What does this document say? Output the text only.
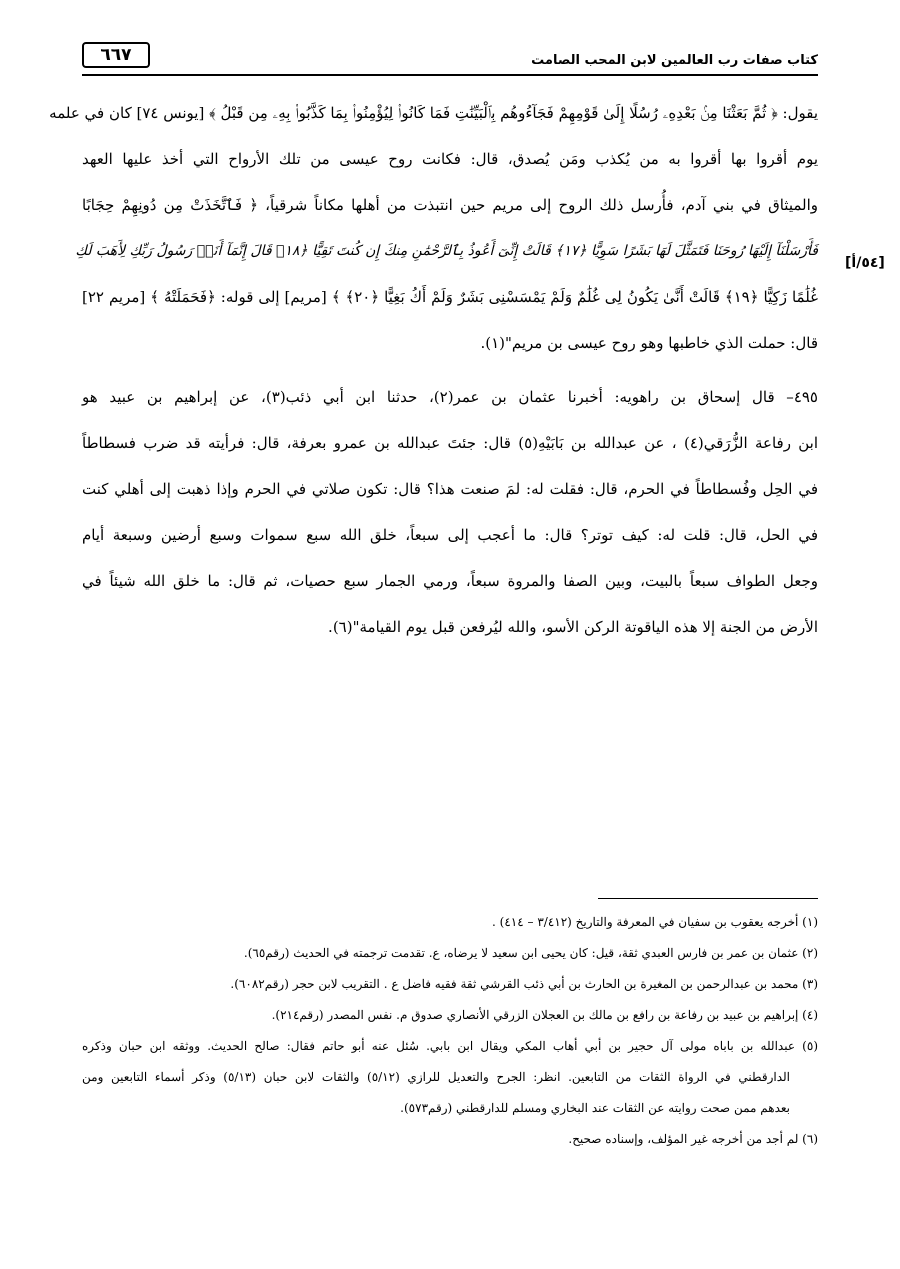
كتاب صفات رب العالمين لابن المحب الصامت
٦٦٧
[٥٤/أ]

يقول: ﴿ ثُمَّ بَعَثْنَا مِنۢ بَعْدِهِۦ رُسُلًا إِلَىٰ قَوْمِهِمْ فَجَآءُوهُم بِٱلْبَيِّنَٰتِ فَمَا كَانُوا۟ لِيُؤْمِنُوا۟ بِمَا كَذَّبُوا۟ بِهِۦ مِن قَبْلُ ﴾ [يونس ٧٤] كان في علمه
يوم أقروا بها أقروا به من يُكذب ومَن يُصدق، قال: فكانت روح عيسى من تلك الأرواح التي أخذ عليها العهد
والميثاق في بني آدم، فأُرسل ذلك الروح إلى مريم حين انتبذت من أهلها مكاناً شرقياً، ﴿ فَٱتَّخَذَتْ مِن دُونِهِمْ حِجَابًا
فَأَرْسَلْنَآ إِلَيْهَا رُوحَنَا فَتَمَثَّلَ لَهَا بَشَرًا سَوِيًّا ﴿١٧﴾ قَالَتْ إِنِّىٓ أَعُوذُ بِٱلرَّحْمَٰنِ مِنكَ إِن كُنتَ تَقِيًّا ﴿١٨﴾ قَالَ إِنَّمَآ أَنَا۠ رَسُولُ رَبِّكِ لِأَهَبَ لَكِ
غُلَٰمًا زَكِيًّا ﴿١٩﴾ قَالَتْ أَنَّىٰ يَكُونُ لِى غُلَٰمٌ وَلَمْ يَمْسَسْنِى بَشَرٌ وَلَمْ أَكُ بَغِيًّا ﴿٢٠﴾ ﴾ [مريم] إلى قوله: ﴿فَحَمَلَتْهُ ﴾ [مريم ٢٢]
قال: حملت الذي خاطبها وهو روح عيسى بن مريم"(١).

٤٩٥– قال إسحاق بن راهويه: أخبرنا عثمان بن عمر(٢)، حدثنا ابن أبي ذئب(٣)، عن إبراهيم بن عبيد هو
ابن رفاعة الزُّرَقي(٤) ، عن عبدالله بن بَابَيْهِ(٥) قال: جئتَ عبدالله بن عمرو بعرفة، قال: فرأيته قد ضرب فسطاطاً
في الحِل وفُسطاطاً في الحرم، قال: فقلت له: لمَ صنعت هذا؟ قال: تكون صلاتي في الحرم وإذا ذهبت إلى أهلي كنت
في الحل، قال: قلت له: كيف توتر؟ قال: ما أعجب إلى سبعاً، خلق الله سبع سموات وسبع أرضين وسبعة أيام
وجعل الطواف سبعاً بالبيت، وبين الصفا والمروة سبعاً، ورمي الجمار سبع حصيات، ثم قال: ما خلق الله شيئاً في
الأرض من الجنة إلا هذه الياقوتة الركن الأسو، والله ليُرفعن قبل يوم القيامة"(٦).

(١) أخرجه يعقوب بن سفيان في المعرفة والتاريخ (٣/٤١٢ – ٤١٤) .
(٢) عثمان بن عمر بن فارس العبدي ثقة، قيل: كان يحيى ابن سعيد لا يرضاه، ع. تقدمت ترجمته في الحديث (رقم٦٥).
(٣) محمد بن عبدالرحمن بن المغيرة بن الحارث بن أبي ذئب القرشي ثقة فقيه فاضل ع . التقريب لابن حجر (رقم٦٠٨٢).
(٤) إبراهيم بن عبيد بن رفاعة بن رافع بن مالك بن العجلان الزرقي الأنصاري صدوق م. نفس المصدر (رقم٢١٤).
(٥) عبدالله بن باباه مولى آل حجير بن أبي أهاب المكي ويقال ابن بابي. سُئل عنه أبو حاتم فقال: صالح الحديث. ووثقه ابن حبان وذكره
الدارقطني في الرواة الثقات من التابعين. انظر: الجرح والتعديل للرازي (٥/١٢) والثقات لابن حبان (٥/١٣) وذكر أسماء التابعين ومن
بعدهم ممن صحت روايته عن الثقات عند البخاري ومسلم للدارقطني (رقم٥٧٣).
(٦) لم أجد من أخرجه غير المؤلف، وإسناده صحيح.
